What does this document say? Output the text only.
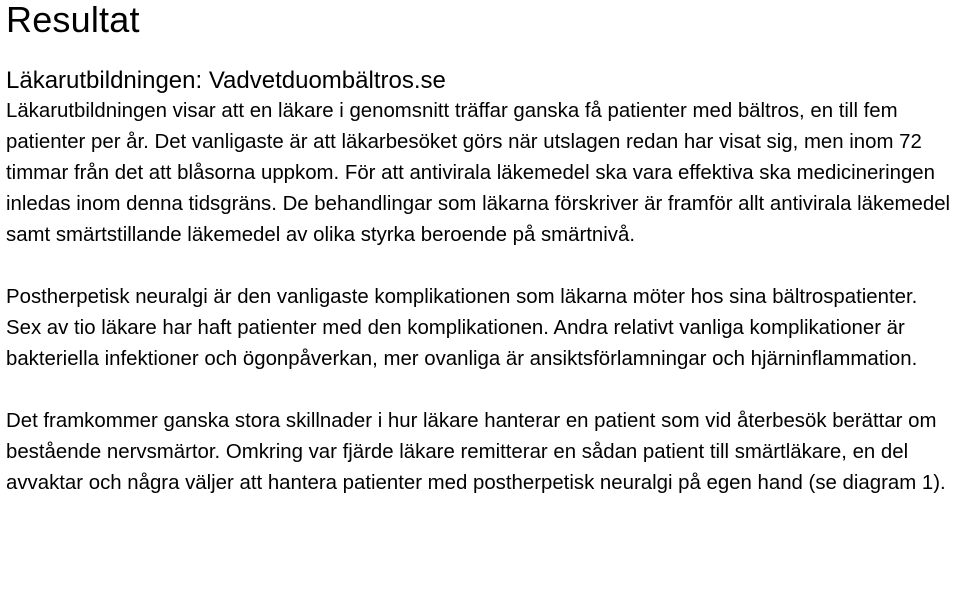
Resultat
Läkarutbildningen: Vadvetduombältros.se

Läkarutbildningen visar att en läkare i genomsnitt träffar ganska få patienter med bältros, en till fem patienter per år. Det vanligaste är att läkarbesöket görs när utslagen redan har visat sig, men inom 72 timmar från det att blåsorna uppkom. För att antivirala läkemedel ska vara effektiva ska medicineringen inledas inom denna tidsgräns. De behandlingar som läkarna förskriver är framför allt antivirala läkemedel samt smärtstillande läkemedel av olika styrka beroende på smärtnivå.

Postherpetisk neuralgi är den vanligaste komplikationen som läkarna möter hos sina bältrospatienter. Sex av tio läkare har haft patienter med den komplikationen. Andra relativt vanliga komplikationer är bakteriella infektioner och ögonpåverkan, mer ovanliga är ansiktsförlamningar och hjärninflammation.

Det framkommer ganska stora skillnader i hur läkare hanterar en patient som vid återbesök berättar om bestående nervsmärtor. Omkring var fjärde läkare remitterar en sådan patient till smärtläkare, en del avvaktar och några väljer att hantera patienter med postherpetisk neuralgi på egen hand (se diagram 1).
